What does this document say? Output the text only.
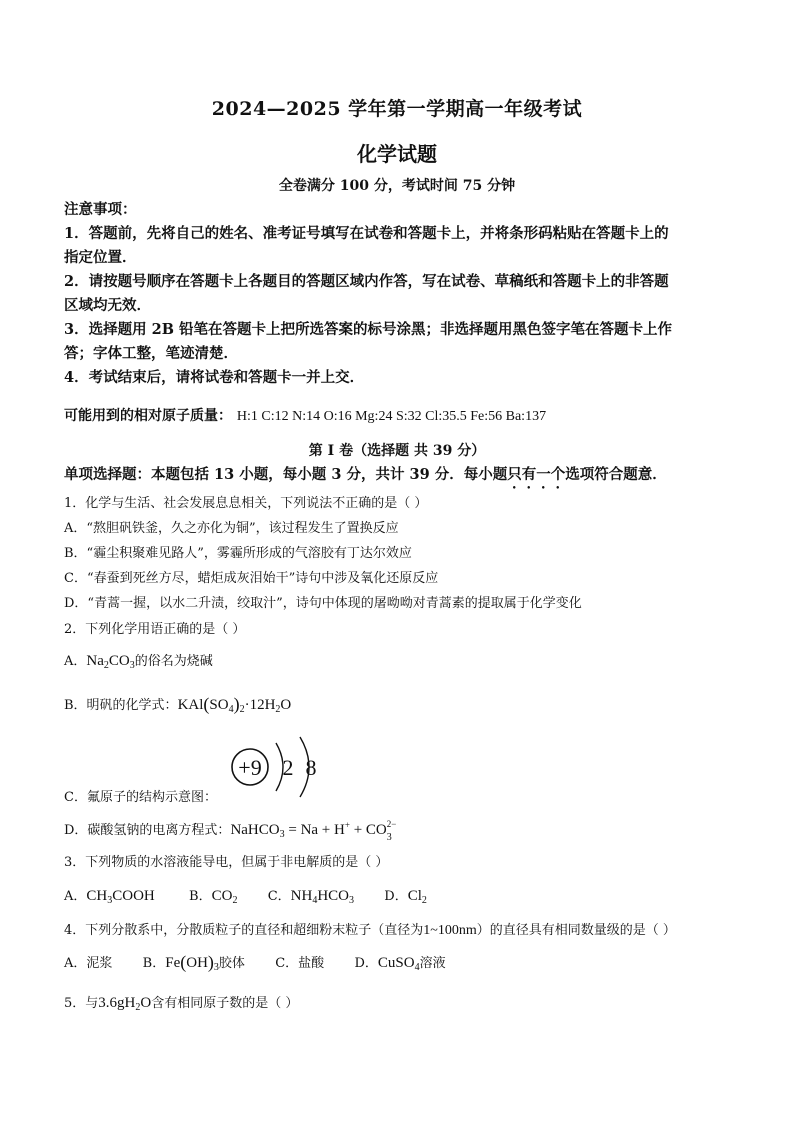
2024—2025 学年第一学期高一年级考试
化学试题
全卷满分 100 分，考试时间 75 分钟

注意事项：

1．答题前，先将自己的姓名、准考证号填写在试卷和答题卡上，并将条形码粘贴在答题卡上的

指定位置．

2．请按题号顺序在答题卡上各题目的答题区域内作答，写在试卷、草稿纸和答题卡上的非答题

区域均无效．

3．选择题用 2B 铅笔在答题卡上把所选答案的标号涂黑；非选择题用黑色签字笔在答题卡上作

答；字体工整，笔迹清楚．

4．考试结束后，请将试卷和答题卡一并上交．

可能用到的相对原子质量： H:1 C:12 N:14 O:16 Mg:24 S:32 Cl:35.5 Fe:56 Ba:137
第 I 卷（选择题 共 39 分）
单项选择题：本题包括 13 小题，每小题 3 分，共计 39 分．每小题只有一个选项符合题意．
1．化学与生活、社会发展息息相关，下列说法不正确的是（ ）
A．“熬胆矾铁釜，久之亦化为铜”，该过程发生了置换反应
B．“霾尘积聚难见路人”，雾霾所形成的气溶胶有丁达尔效应
C．“春蚕到死丝方尽，蜡炬成灰泪始干”诗句中涉及氧化还原反应
D．“青蒿一握，以水二升渍，绞取汁”，诗句中体现的屠呦呦对青蒿素的提取属于化学变化
2．下列化学用语正确的是（ ）
A．$Na_2CO_3$的俗名为烧碱
B．明矾的化学式：$KAl(SO_4)_2\cdot 12H_2O$
C．氟原子的结构示意图：
+9 2 8
D．碳酸氢钠的电离方程式：NaHCO$_3$ = Na + H+ + CO 2−
3
3．下列物质的水溶液能导电，但属于非电解质的是（ ）
A．$CH_3COOH$	B．$CO_2$ C．$NH_4HCO_3$ D．$Cl_2$
4．下列分散系中，分散质粒子的直径和超细粉末粒子（直径为1~100nm）的直径具有相同数量级的是（ ）
A．泥浆 B．$Fe(OH)_3$胶体 C．盐酸 D．CuSO$_4$溶液
5．与$3.6gH_2O$含有相同原子数的是（ ）
